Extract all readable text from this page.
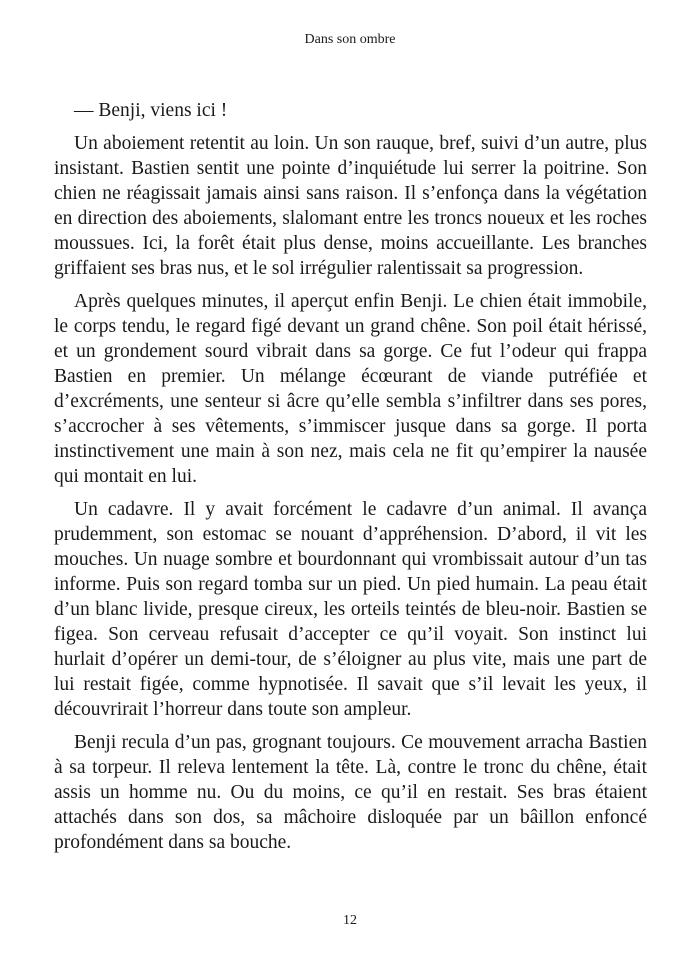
Dans son ombre

— Benji, viens ici !

Un aboiement retentit au loin. Un son rauque, bref, suivi d’un autre, plus insistant. Bastien sentit une pointe d’inquiétude lui serrer la poitrine. Son chien ne réagissait jamais ainsi sans raison. Il s’enfonça dans la végétation en direction des aboiements, slalomant entre les troncs noueux et les roches moussues. Ici, la forêt était plus dense, moins accueillante. Les branches griffaient ses bras nus, et le sol irrégulier ralentissait sa progression.

Après quelques minutes, il aperçut enfin Benji. Le chien était immobile, le corps tendu, le regard figé devant un grand chêne. Son poil était hérissé, et un grondement sourd vibrait dans sa gorge. Ce fut l’odeur qui frappa Bastien en premier. Un mélange écœurant de viande putréfiée et d’excréments, une senteur si âcre qu’elle sembla s’infiltrer dans ses pores, s’accrocher à ses vêtements, s’immiscer jusque dans sa gorge. Il porta instinctivement une main à son nez, mais cela ne fit qu’empirer la nausée qui montait en lui.

Un cadavre. Il y avait forcément le cadavre d’un animal. Il avança prudemment, son estomac se nouant d’appréhension. D’abord, il vit les mouches. Un nuage sombre et bourdonnant qui vrombissait autour d’un tas informe. Puis son regard tomba sur un pied. Un pied humain. La peau était d’un blanc livide, presque cireux, les orteils teintés de bleu-noir. Bastien se figea. Son cerveau refusait d’accepter ce qu’il voyait. Son instinct lui hurlait d’opérer un demi-tour, de s’éloigner au plus vite, mais une part de lui restait figée, comme hypnotisée. Il savait que s’il levait les yeux, il découvrirait l’horreur dans toute son ampleur.

Benji recula d’un pas, grognant toujours. Ce mouvement arracha Bastien à sa torpeur. Il releva lentement la tête. Là, contre le tronc du chêne, était assis un homme nu. Ou du moins, ce qu’il en restait. Ses bras étaient attachés dans son dos, sa mâchoire disloquée par un bâillon enfoncé profondément dans sa bouche.

12
